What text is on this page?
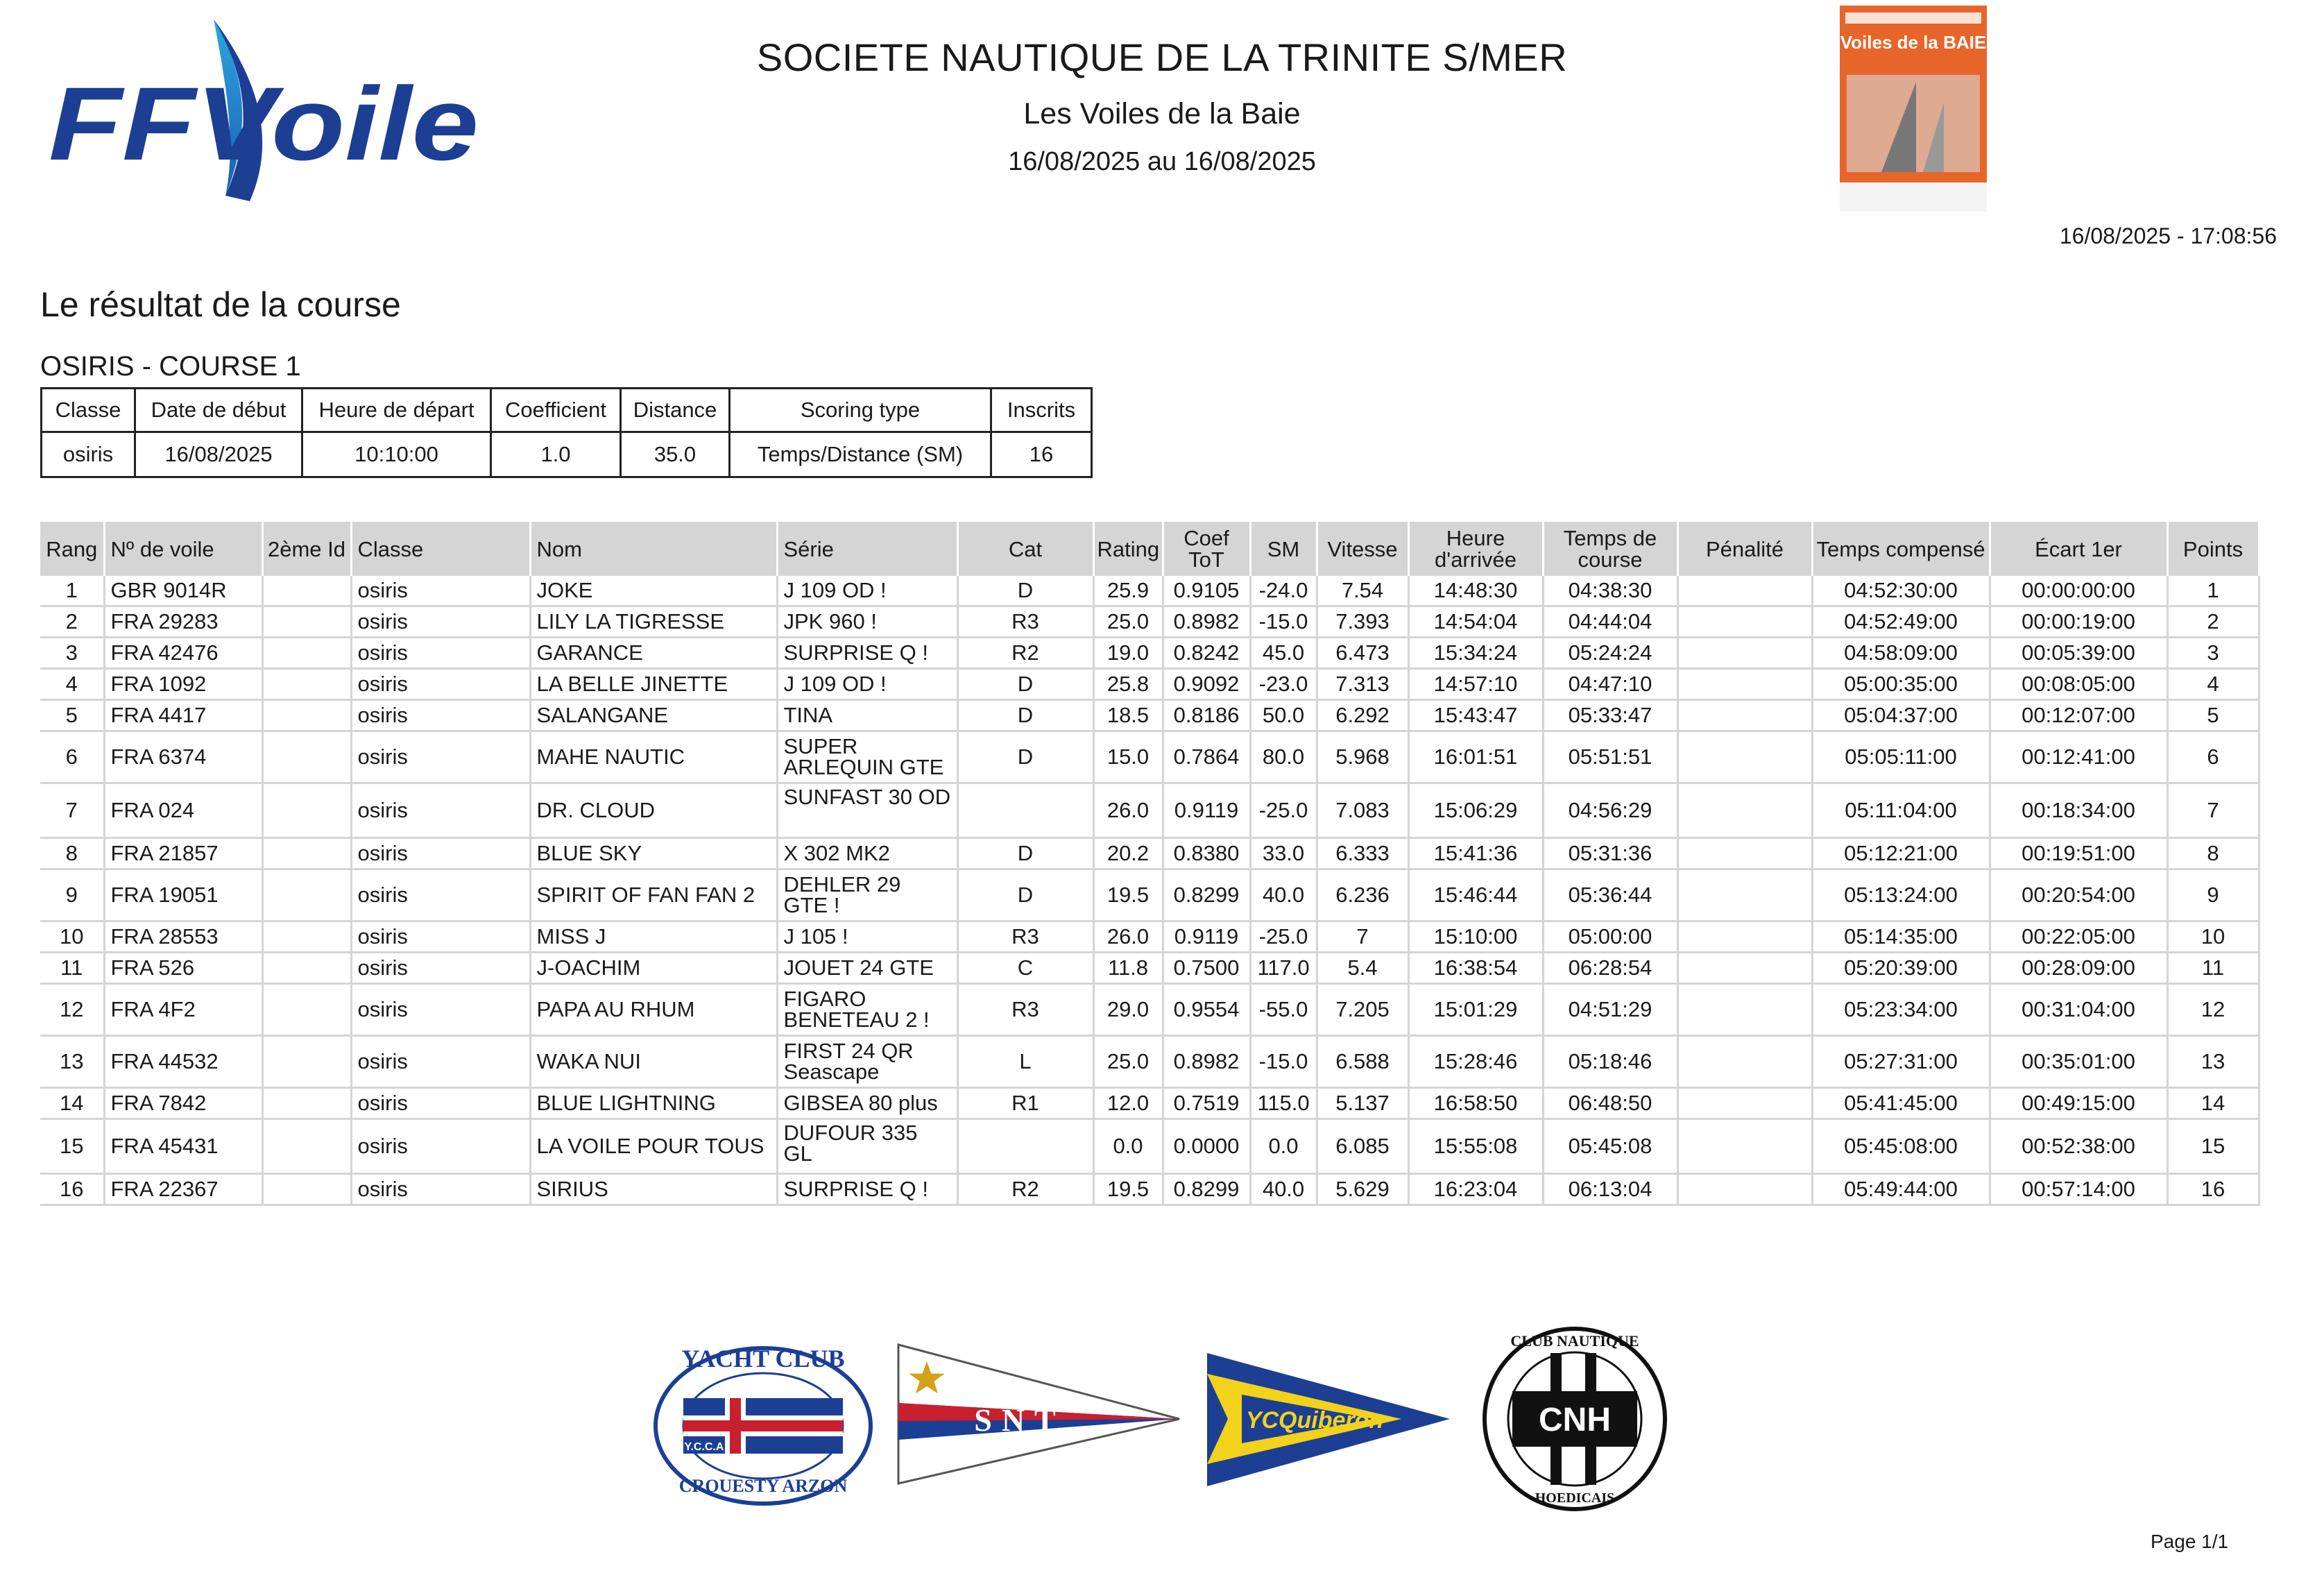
FFVoile
SOCIETE NAUTIQUE DE LA TRINITE S/MER
Les Voiles de la Baie
16/08/2025 au 16/08/2025
Voiles de la BAIE
16/08/2025 - 17:08:56
Le résultat de la course
OSIRIS - COURSE 1
Classe	Date de début	Heure de départ	Coefficient	Distance	Scoring type	Inscrits
osiris	16/08/2025	10:10:00	1.0	35.0	Temps/Distance (SM)	16
Rang	Nº de voile	2ème Id	Classe	Nom	Série	Cat	Rating	Coef ToT	SM	Vitesse	Heure d'arrivée	Temps de course	Pénalité	Temps compensé	Écart 1er	Points
1	GBR 9014R		osiris	JOKE	J 109 OD !	D	25.9	0.9105	-24.0	7.54	14:48:30	04:38:30		04:52:30:00	00:00:00:00	1
2	FRA 29283		osiris	LILY LA TIGRESSE	JPK 960 !	R3	25.0	0.8982	-15.0	7.393	14:54:04	04:44:04		04:52:49:00	00:00:19:00	2
3	FRA 42476		osiris	GARANCE	SURPRISE Q !	R2	19.0	0.8242	45.0	6.473	15:34:24	05:24:24		04:58:09:00	00:05:39:00	3
4	FRA 1092		osiris	LA BELLE JINETTE	J 109 OD !	D	25.8	0.9092	-23.0	7.313	14:57:10	04:47:10		05:00:35:00	00:08:05:00	4
5	FRA 4417		osiris	SALANGANE	TINA	D	18.5	0.8186	50.0	6.292	15:43:47	05:33:47		05:04:37:00	00:12:07:00	5
6	FRA 6374		osiris	MAHE NAUTIC	SUPER ARLEQUIN GTE	D	15.0	0.7864	80.0	5.968	16:01:51	05:51:51		05:05:11:00	00:12:41:00	6
7	FRA 024		osiris	DR. CLOUD	SUNFAST 30 OD		26.0	0.9119	-25.0	7.083	15:06:29	04:56:29		05:11:04:00	00:18:34:00	7
8	FRA 21857		osiris	BLUE SKY	X 302 MK2	D	20.2	0.8380	33.0	6.333	15:41:36	05:31:36		05:12:21:00	00:19:51:00	8
9	FRA 19051		osiris	SPIRIT OF FAN FAN 2	DEHLER 29 GTE !	D	19.5	0.8299	40.0	6.236	15:46:44	05:36:44		05:13:24:00	00:20:54:00	9
10	FRA 28553		osiris	MISS J	J 105 !	R3	26.0	0.9119	-25.0	7	15:10:00	05:00:00		05:14:35:00	00:22:05:00	10
11	FRA 526		osiris	J-OACHIM	JOUET 24 GTE	C	11.8	0.7500	117.0	5.4	16:38:54	06:28:54		05:20:39:00	00:28:09:00	11
12	FRA 4F2		osiris	PAPA AU RHUM	FIGARO BENETEAU 2 !	R3	29.0	0.9554	-55.0	7.205	15:01:29	04:51:29		05:23:34:00	00:31:04:00	12
13	FRA 44532		osiris	WAKA NUI	FIRST 24 QR Seascape	L	25.0	0.8982	-15.0	6.588	15:28:46	05:18:46		05:27:31:00	00:35:01:00	13
14	FRA 7842		osiris	BLUE LIGHTNING	GIBSEA 80 plus	R1	12.0	0.7519	115.0	5.137	16:58:50	06:48:50		05:41:45:00	00:49:15:00	14
15	FRA 45431		osiris	LA VOILE POUR TOUS	DUFOUR 335 GL		0.0	0.0000	0.0	6.085	15:55:08	05:45:08		05:45:08:00	00:52:38:00	15
16	FRA 22367		osiris	SIRIUS	SURPRISE Q !	R2	19.5	0.8299	40.0	5.629	16:23:04	06:13:04		05:49:44:00	00:57:14:00	16
Y.C.C.A
YACHT CLUB
CROUESTY ARZON
SNT	YCQuiberon	CNH
CLUB NAUTIQUE
HOEDICAIS
Page 1/1
